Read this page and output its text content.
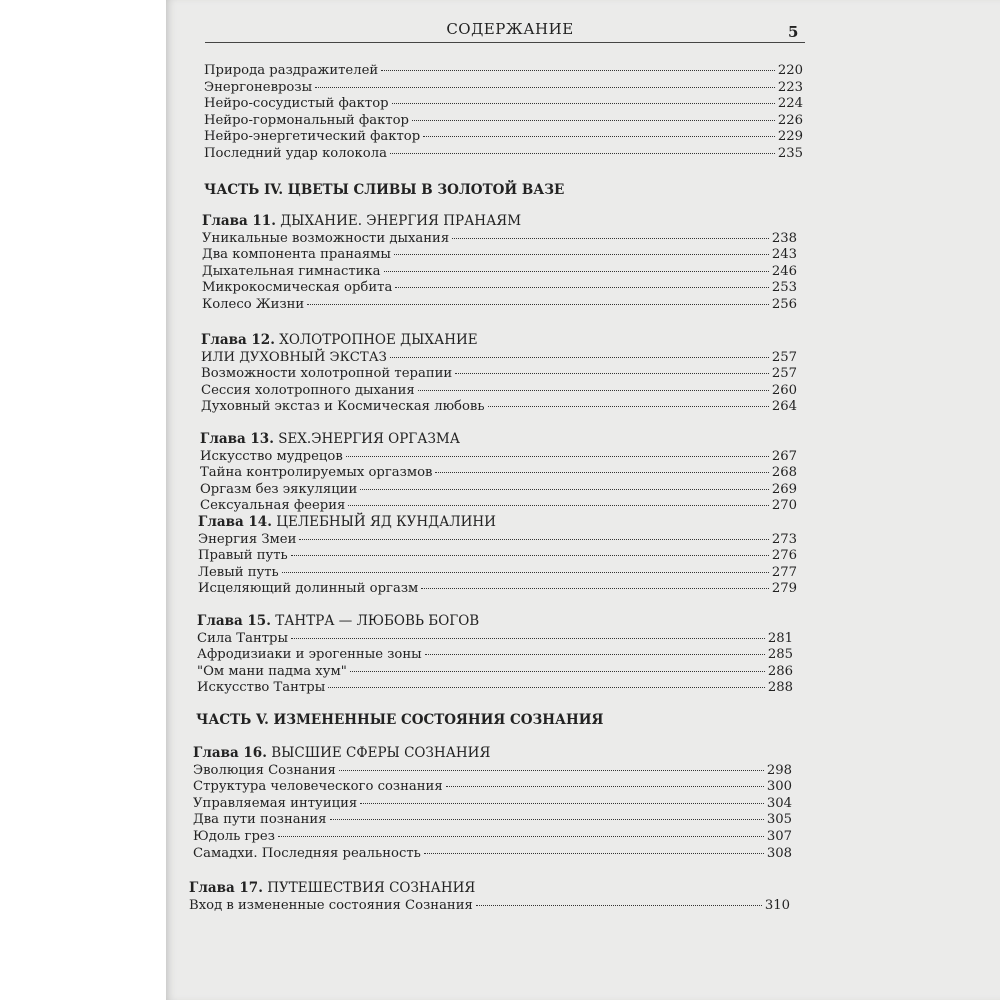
СОДЕРЖАНИЕ	5
Природа раздражителей	220
Энергоневрозы	223
Нейро-сосудистый фактор	224
Нейро-гормональный фактор	226
Нейро-энергетический фактор	229
Последний удар колокола	235
ЧАСТЬ IV. ЦВЕТЫ СЛИВЫ В ЗОЛОТОЙ ВАЗЕ
Глава 11. ДЫХАНИЕ. ЭНЕРГИЯ ПРАНАЯМ
Уникальные возможности дыхания	238
Два компонента пранаямы	243
Дыхательная гимнастика	246
Микрокосмическая орбита	253
Колесо Жизни	256
Глава 12. ХОЛОТРОПНОЕ ДЫХАНИЕ
ИЛИ ДУХОВНЫЙ ЭКСТАЗ	257
Возможности холотропной терапии	257
Сессия холотропного дыхания	260
Духовный экстаз и Космическая любовь	264
Глава 13. SEX.ЭНЕРГИЯ ОРГАЗМА
Искусство мудрецов	267
Тайна контролируемых оргазмов	268
Оргазм без эякуляции	269
Сексуальная феерия	270
Глава 14. ЦЕЛЕБНЫЙ ЯД КУНДАЛИНИ
Энергия Змеи	273
Правый путь	276
Левый путь	277
Исцеляющий долинный оргазм	279
Глава 15. ТАНТРА — ЛЮБОВЬ БОГОВ
Сила Тантры	281
Афродизиаки и эрогенные зоны	285
"Ом мани падма хум"	286
Искусство Тантры	288
ЧАСТЬ V. ИЗМЕНЕННЫЕ СОСТОЯНИЯ СОЗНАНИЯ
Глава 16. ВЫСШИЕ СФЕРЫ СОЗНАНИЯ
Эволюция Сознания	298
Структура человеческого сознания	300
Управляемая интуиция	304
Два пути познания	305
Юдоль грез	307
Самадхи. Последняя реальность	308
Глава 17. ПУТЕШЕСТВИЯ СОЗНАНИЯ
Вход в измененные состояния Сознания	310
